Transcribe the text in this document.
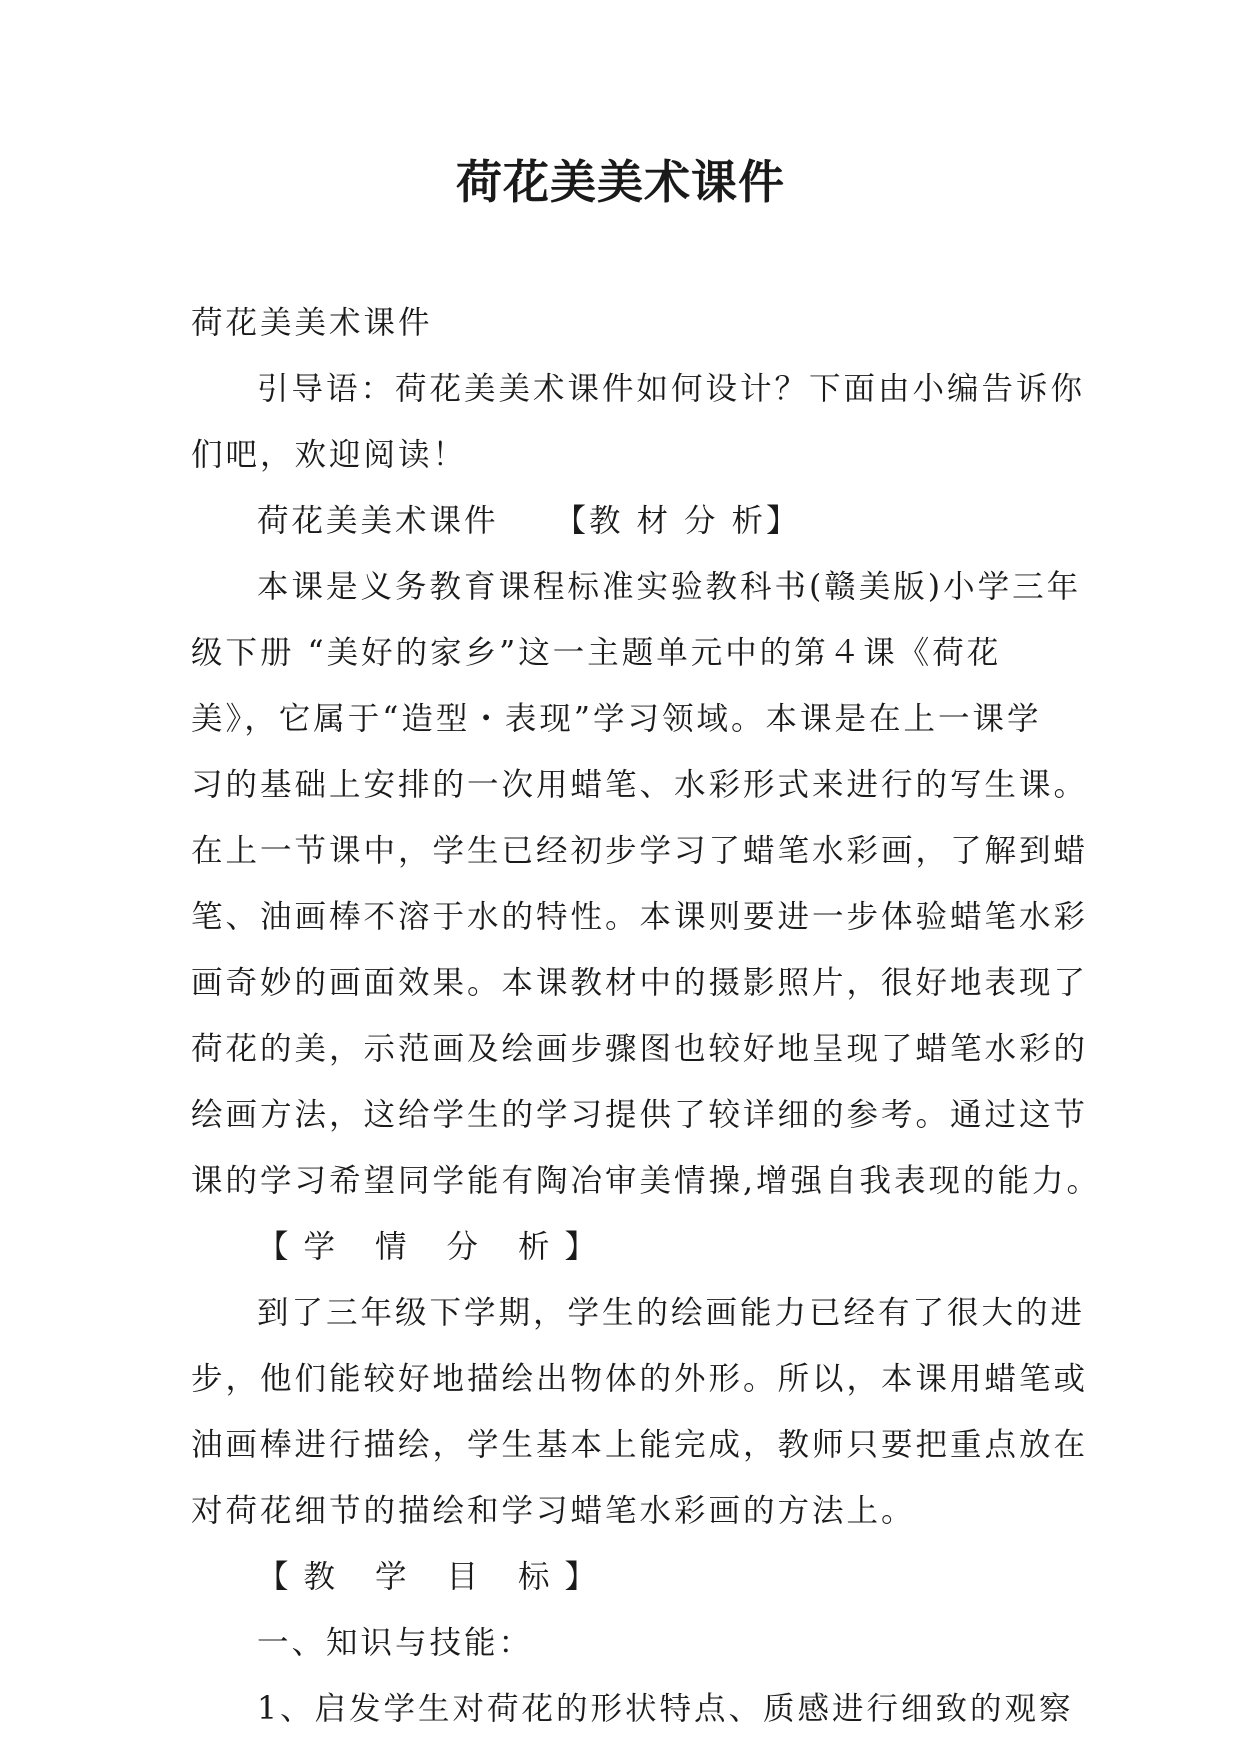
荷花美美术课件

荷花美美术课件

引导语：荷花美美术课件如何设计？下面由小编告诉你

们吧，欢迎阅读！

荷花美美术课件 【教 材 分 析】

本课是义务教育课程标准实验教科书(赣美版)小学三年

级下册 “美好的家乡”这一主题单元中的第４课《荷花

美》，它属于“造型・表现”学习领域。本课是在上一课学

习的基础上安排的一次用蜡笔、水彩形式来进行的写生课。

在上一节课中，学生已经初步学习了蜡笔水彩画，了解到蜡

笔、油画棒不溶于水的特性。本课则要进一步体验蜡笔水彩

画奇妙的画面效果。本课教材中的摄影照片，很好地表现了

荷花的美，示范画及绘画步骤图也较好地呈现了蜡笔水彩的

绘画方法，这给学生的学习提供了较详细的参考。通过这节

课的学习希望同学能有陶冶审美情操,增强自我表现的能力。

【学 情 分 析】

到了三年级下学期，学生的绘画能力已经有了很大的进

步，他们能较好地描绘出物体的外形。所以，本课用蜡笔或

油画棒进行描绘，学生基本上能完成，教师只要把重点放在

对荷花细节的描绘和学习蜡笔水彩画的方法上。

【教 学 目 标】

一、知识与技能：

1、启发学生对荷花的形状特点、质感进行细致的观察
